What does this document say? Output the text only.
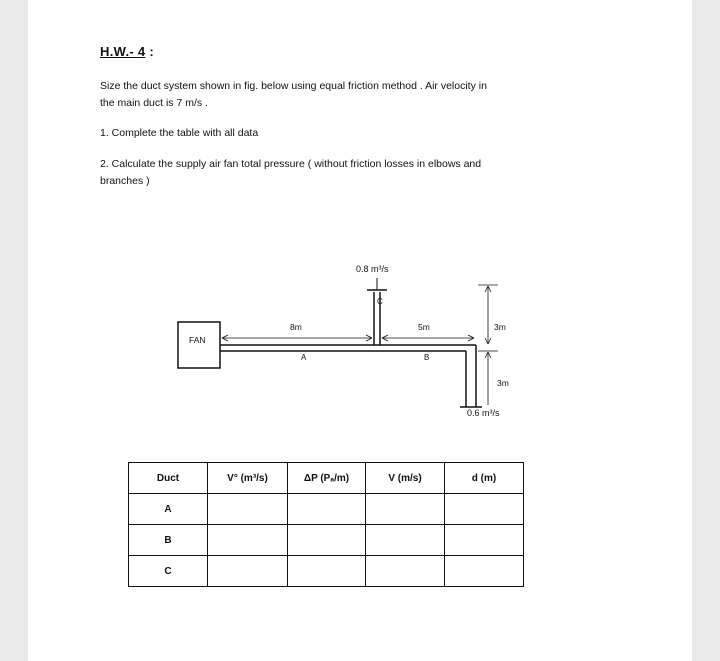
H.W.- 4 :
Size the duct system shown in fig. below using equal friction method . Air velocity in
the main duct is 7 m/s .
1. Complete the table with all data
2. Calculate the supply air fan total pressure ( without friction losses in elbows and
branches )
0.8 m³/s
FAN
C
0.6 m³/s
8m	5m	3m
3m
A	B
Duct	V° (m³/s)	ΔP (Pₐ/m)	V (m/s)	d (m)
A				
B				
C				
